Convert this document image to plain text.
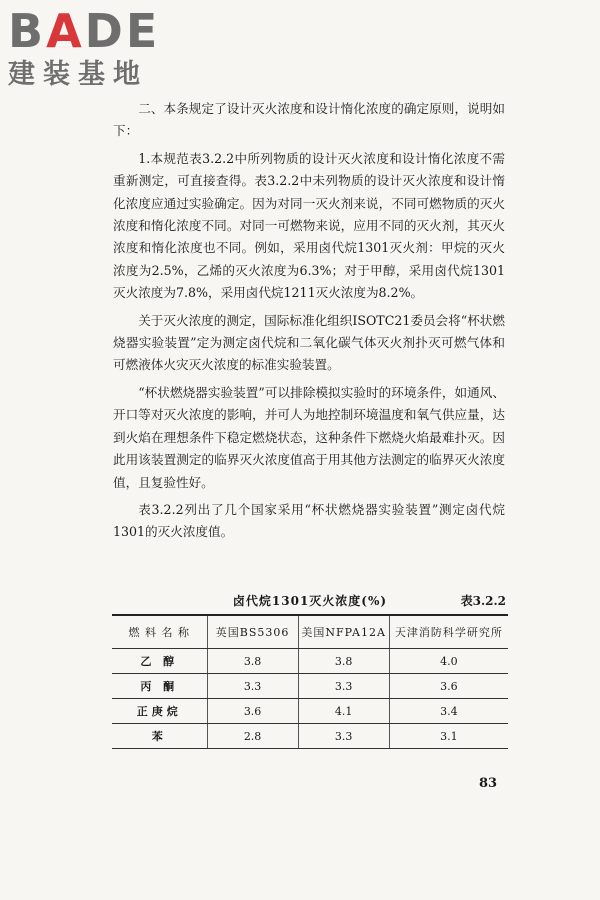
BADE
建装基地

二、本条规定了设计灭火浓度和设计惰化浓度的确定原则，说明如下：

1.本规范表3.2.2中所列物质的设计灭火浓度和设计惰化浓度不需重新测定，可直接查得。表3.2.2中未列物质的设计灭火浓度和设计惰化浓度应通过实验确定。因为对同一灭火剂来说，不同可燃物质的灭火浓度和惰化浓度不同。对同一可燃物来说，应用不同的灭火剂，其灭火浓度和惰化浓度也不同。例如，采用卤代烷1301灭火剂：甲烷的灭火浓度为2.5%，乙烯的灭火浓度为6.3%；对于甲醇，采用卤代烷1301灭火浓度为7.8%，采用卤代烷1211灭火浓度为8.2%。

关于灭火浓度的测定，国际标准化组织ISOTC21委员会将“杯状燃烧器实验装置”定为测定卤代烷和二氧化碳气体灭火剂扑灭可燃气体和可燃液体火灾灭火浓度的标准实验装置。

“杯状燃烧器实验装置”可以排除模拟实验时的环境条件，如通风、开口等对灭火浓度的影响，并可人为地控制环境温度和氧气供应量，达到火焰在理想条件下稳定燃烧状态，这种条件下燃烧火焰最难扑灭。因此用该装置测定的临界灭火浓度值高于用其他方法测定的临界灭火浓度值，且复验性好。

表3.2.2列出了几个国家采用“杯状燃烧器实验装置”测定卤代烷1301的灭火浓度值。

卤代烷1301灭火浓度(%)	表3.2.2
燃 料 名 称	英国BS5306	美国NFPA12A	天津消防科学研究所
乙 醇	3.8	3.8	4.0
丙 酮	3.3	3.3	3.6
正庚烷	3.6	4.1	3.4
苯	2.8	3.3	3.1
83
